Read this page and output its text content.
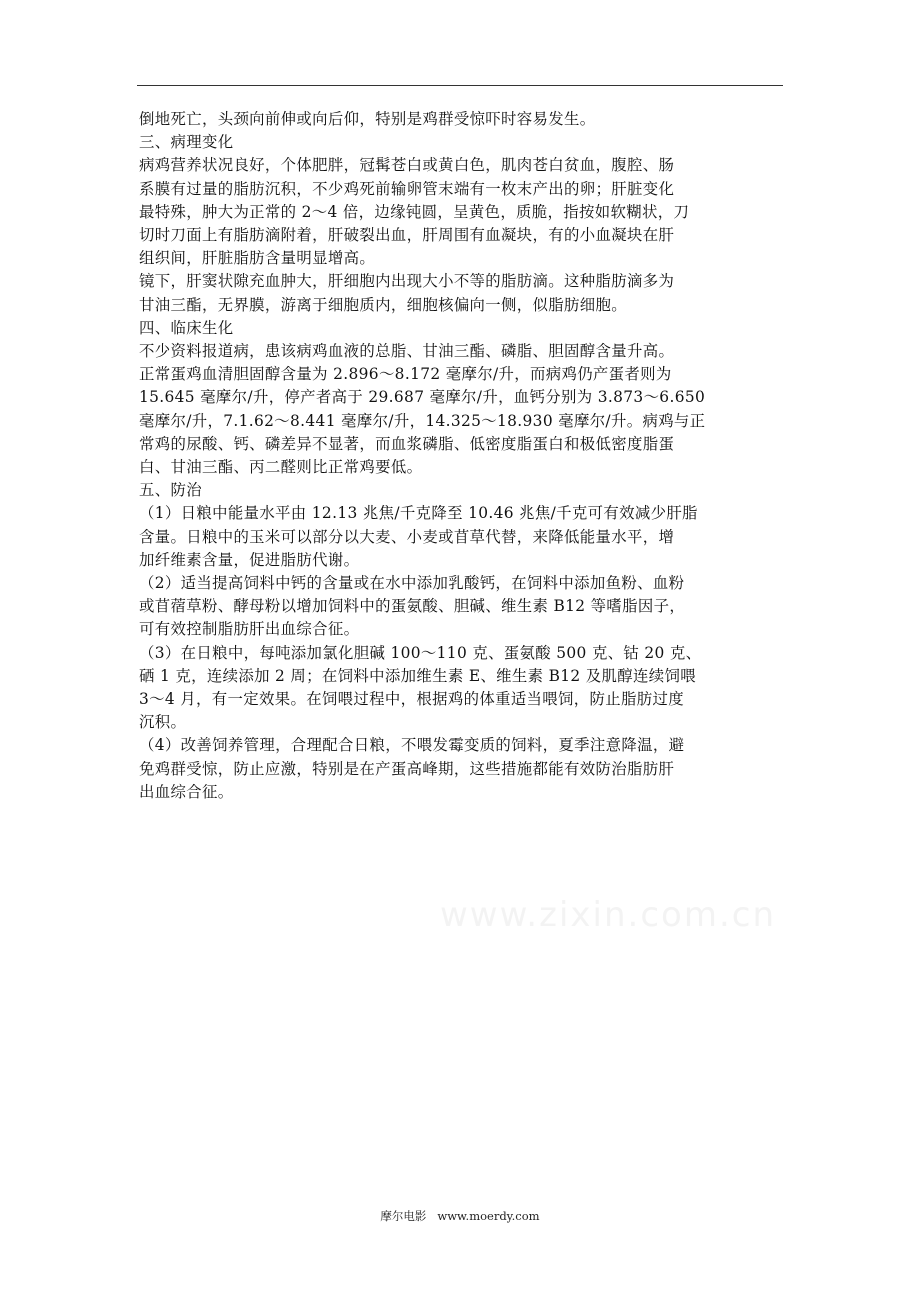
www.zixin.com.cn

倒地死亡，头颈向前伸或向后仰，特别是鸡群受惊吓时容易发生。

三、病理变化

病鸡营养状况良好，个体肥胖，冠髯苍白或黄白色，肌肉苍白贫血，腹腔、肠

系膜有过量的脂肪沉积，不少鸡死前输卵管末端有一枚末产出的卵；肝脏变化

最特殊，肿大为正常的 2～4 倍，边缘钝圆，呈黄色，质脆，指按如软糊状，刀

切时刀面上有脂肪滴附着，肝破裂出血，肝周围有血凝块，有的小血凝块在肝

组织间，肝脏脂肪含量明显增高。

镜下，肝窦状隙充血肿大，肝细胞内出现大小不等的脂肪滴。这种脂肪滴多为

甘油三酯，无界膜，游离于细胞质内，细胞核偏向一侧，似脂肪细胞。

四、临床生化

不少资料报道病，患该病鸡血液的总脂、甘油三酯、磷脂、胆固醇含量升高。

正常蛋鸡血清胆固醇含量为 2.896～8.172 毫摩尔/升，而病鸡仍产蛋者则为

15.645 毫摩尔/升，停产者高于 29.687 毫摩尔/升，血钙分别为 3.873～6.650

毫摩尔/升，7.1.62～8.441 毫摩尔/升，14.325～18.930 毫摩尔/升。病鸡与正

常鸡的尿酸、钙、磷差异不显著，而血浆磷脂、低密度脂蛋白和极低密度脂蛋

白、甘油三酯、丙二醛则比正常鸡要低。

五、防治

（1）日粮中能量水平由 12.13 兆焦/千克降至 10.46 兆焦/千克可有效减少肝脂

含量。日粮中的玉米可以部分以大麦、小麦或苜草代替，来降低能量水平，增

加纤维素含量，促进脂肪代谢。

（2）适当提高饲料中钙的含量或在水中添加乳酸钙，在饲料中添加鱼粉、血粉

或苜蓿草粉、酵母粉以增加饲料中的蛋氨酸、胆碱、维生素 B12 等嗜脂因子，

可有效控制脂肪肝出血综合征。

（3）在日粮中，每吨添加氯化胆碱 100～110 克、蛋氨酸 500 克、钴 20 克、

硒 1 克，连续添加 2 周；在饲料中添加维生素 E、维生素 B12 及肌醇连续饲喂

3～4 月，有一定效果。在饲喂过程中，根据鸡的体重适当喂饲，防止脂肪过度

沉积。

（4）改善饲养管理，合理配合日粮，不喂发霉变质的饲料，夏季注意降温，避

免鸡群受惊，防止应激，特别是在产蛋高峰期，这些措施都能有效防治脂肪肝

出血综合征。

摩尔电影   www.moerdy.com
